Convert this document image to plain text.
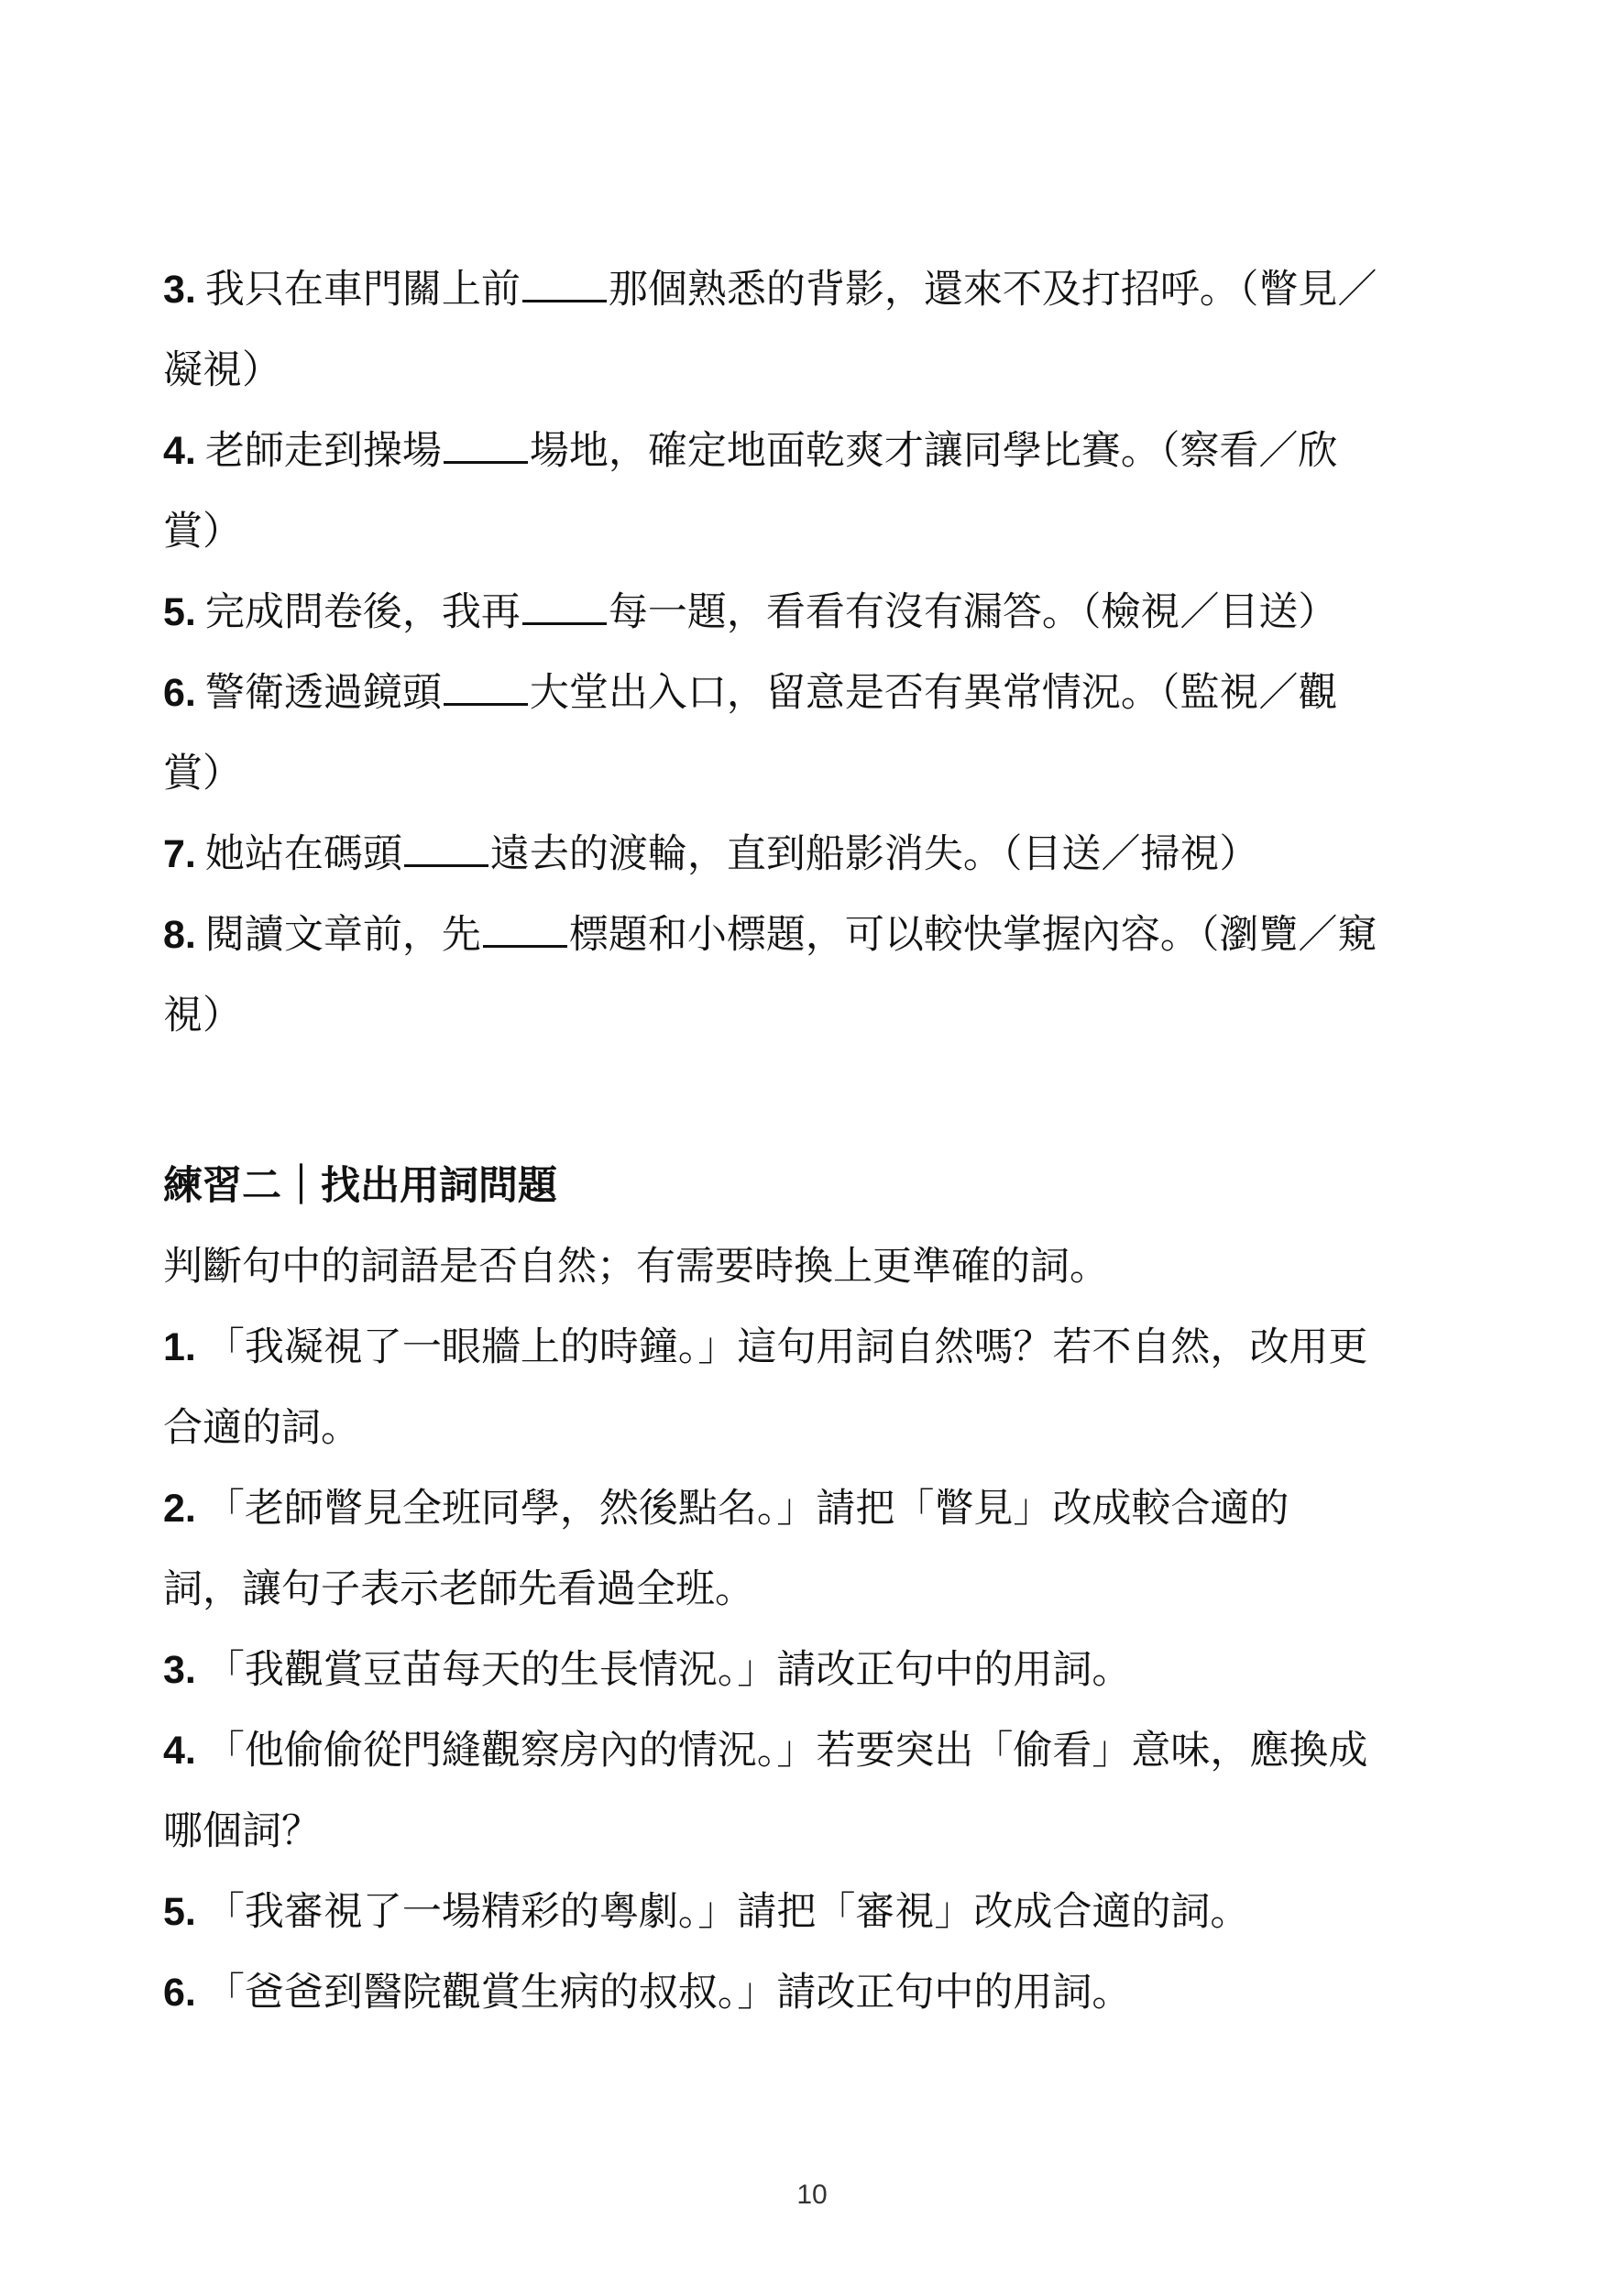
3. 我只在車門關上前 那個熟悉的背影，還來不及打招呼。（瞥見／
凝視）
4. 老師走到操場 場地，確定地面乾爽才讓同學比賽。（察看／欣
賞）
5. 完成問卷後，我再 每一題，看看有沒有漏答。（檢視／目送）
6. 警衛透過鏡頭 大堂出入口，留意是否有異常情況。（監視／觀
賞）
7. 她站在碼頭 遠去的渡輪，直到船影消失。（目送／掃視）
8. 閱讀文章前，先 標題和小標題，可以較快掌握內容。（瀏覽／窺
視）
練習二｜找出用詞問題
判斷句中的詞語是否自然；有需要時換上更準確的詞。
1. 「我凝視了一眼牆上的時鐘。」這句用詞自然嗎？若不自然，改用更
合適的詞。
2. 「老師瞥見全班同學，然後點名。」請把「瞥見」改成較合適的
詞，讓句子表示老師先看過全班。
3. 「我觀賞豆苗每天的生長情況。」請改正句中的用詞。
4. 「他偷偷從門縫觀察房內的情況。」若要突出「偷看」意味，應換成
哪個詞？
5. 「我審視了一場精彩的粵劇。」請把「審視」改成合適的詞。
6. 「爸爸到醫院觀賞生病的叔叔。」請改正句中的用詞。
10
